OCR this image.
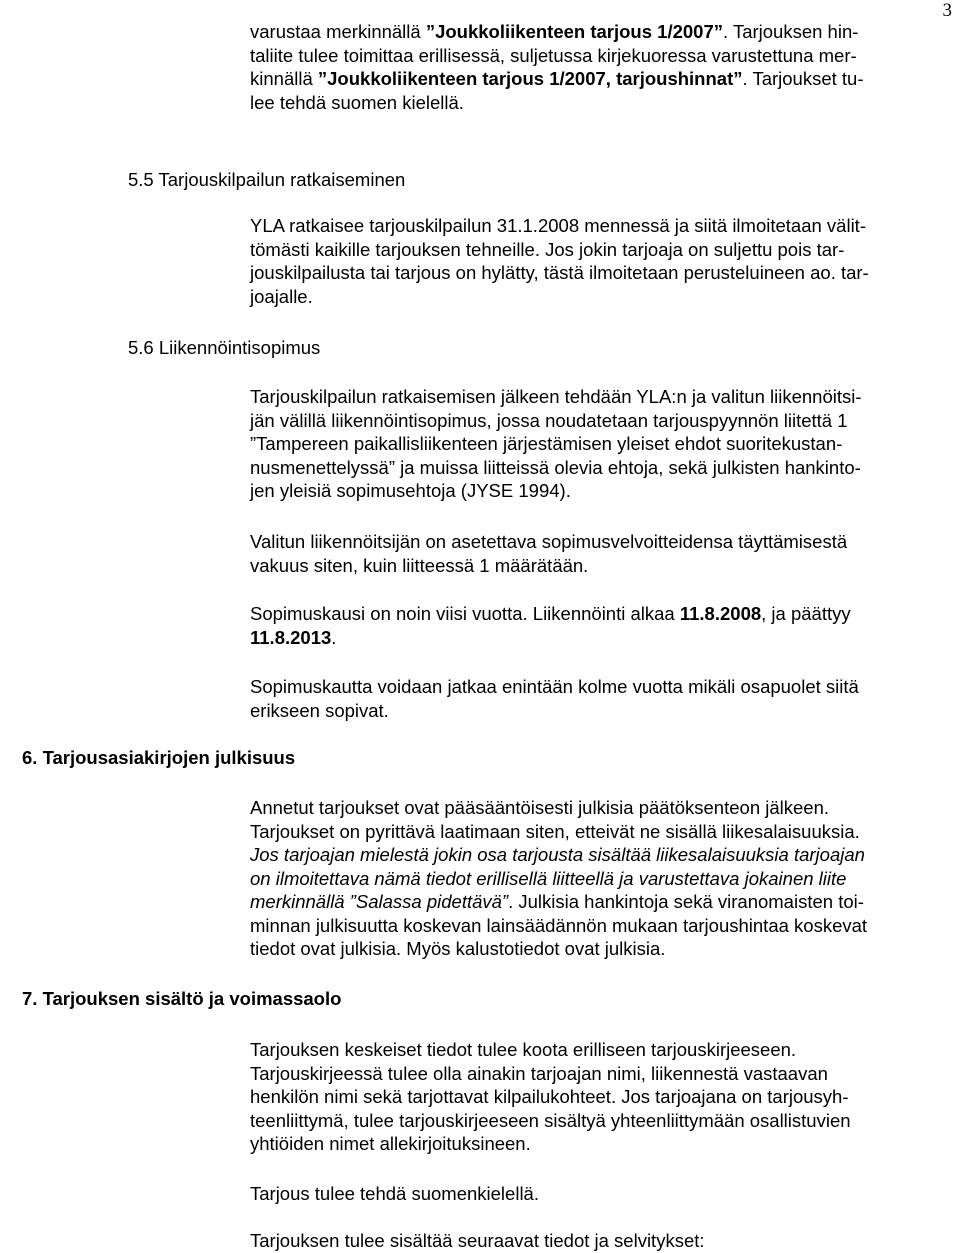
3

varustaa merkinnällä ”Joukkoliikenteen tarjous 1/2007”. Tarjouksen hin-
taliite tulee toimittaa erillisessä, suljetussa kirjekuoressa varustettuna mer-
kinnällä ”Joukkoliikenteen tarjous 1/2007, tarjoushinnat”. Tarjoukset tu-
lee tehdä suomen kielellä.

5.5 Tarjouskilpailun ratkaiseminen

YLA ratkaisee tarjouskilpailun 31.1.2008 mennessä ja siitä ilmoitetaan välit-
tömästi kaikille tarjouksen tehneille. Jos jokin tarjoaja on suljettu pois tar-
jouskilpailusta tai tarjous on hylätty, tästä ilmoitetaan perusteluineen ao. tar-
joajalle.

5.6 Liikennöintisopimus

Tarjouskilpailun ratkaisemisen jälkeen tehdään YLA:n ja valitun liikennöitsi-
jän välillä liikennöintisopimus, jossa noudatetaan tarjouspyynnön liitettä 1
”Tampereen paikallisliikenteen järjestämisen yleiset ehdot suoritekustan-
nusmenettelyssä” ja muissa liitteissä olevia ehtoja, sekä julkisten hankinto-
jen yleisiä sopimusehtoja (JYSE 1994).

Valitun liikennöitsijän on asetettava sopimusvelvoitteidensa täyttämisestä
vakuus siten, kuin liitteessä 1 määrätään.

Sopimuskausi on noin viisi vuotta. Liikennöinti alkaa 11.8.2008, ja päättyy
11.8.2013.

Sopimuskautta voidaan jatkaa enintään kolme vuotta mikäli osapuolet siitä
erikseen sopivat.

6. Tarjousasiakirjojen julkisuus

Annetut tarjoukset ovat pääsääntöisesti julkisia päätöksenteon jälkeen.
Tarjoukset on pyrittävä laatimaan siten, etteivät ne sisällä liikesalaisuuksia.
Jos tarjoajan mielestä jokin osa tarjousta sisältää liikesalaisuuksia tarjoajan
on ilmoitettava nämä tiedot erillisellä liitteellä ja varustettava jokainen liite
merkinnällä ”Salassa pidettävä”. Julkisia hankintoja sekä viranomaisten toi-
minnan julkisuutta koskevan lainsäädännön mukaan tarjoushintaa koskevat
tiedot ovat julkisia. Myös kalustotiedot ovat julkisia.

7. Tarjouksen sisältö ja voimassaolo

Tarjouksen keskeiset tiedot tulee koota erilliseen tarjouskirjeeseen.
Tarjouskirjeessä tulee olla ainakin tarjoajan nimi, liikennestä vastaavan
henkilön nimi sekä tarjottavat kilpailukohteet. Jos tarjoajana on tarjousyh-
teenliittymä, tulee tarjouskirjeeseen sisältyä yhteenliittymään osallistuvien
yhtiöiden nimet allekirjoituksineen.

Tarjous tulee tehdä suomenkielellä.

Tarjouksen tulee sisältää seuraavat tiedot ja selvitykset:
